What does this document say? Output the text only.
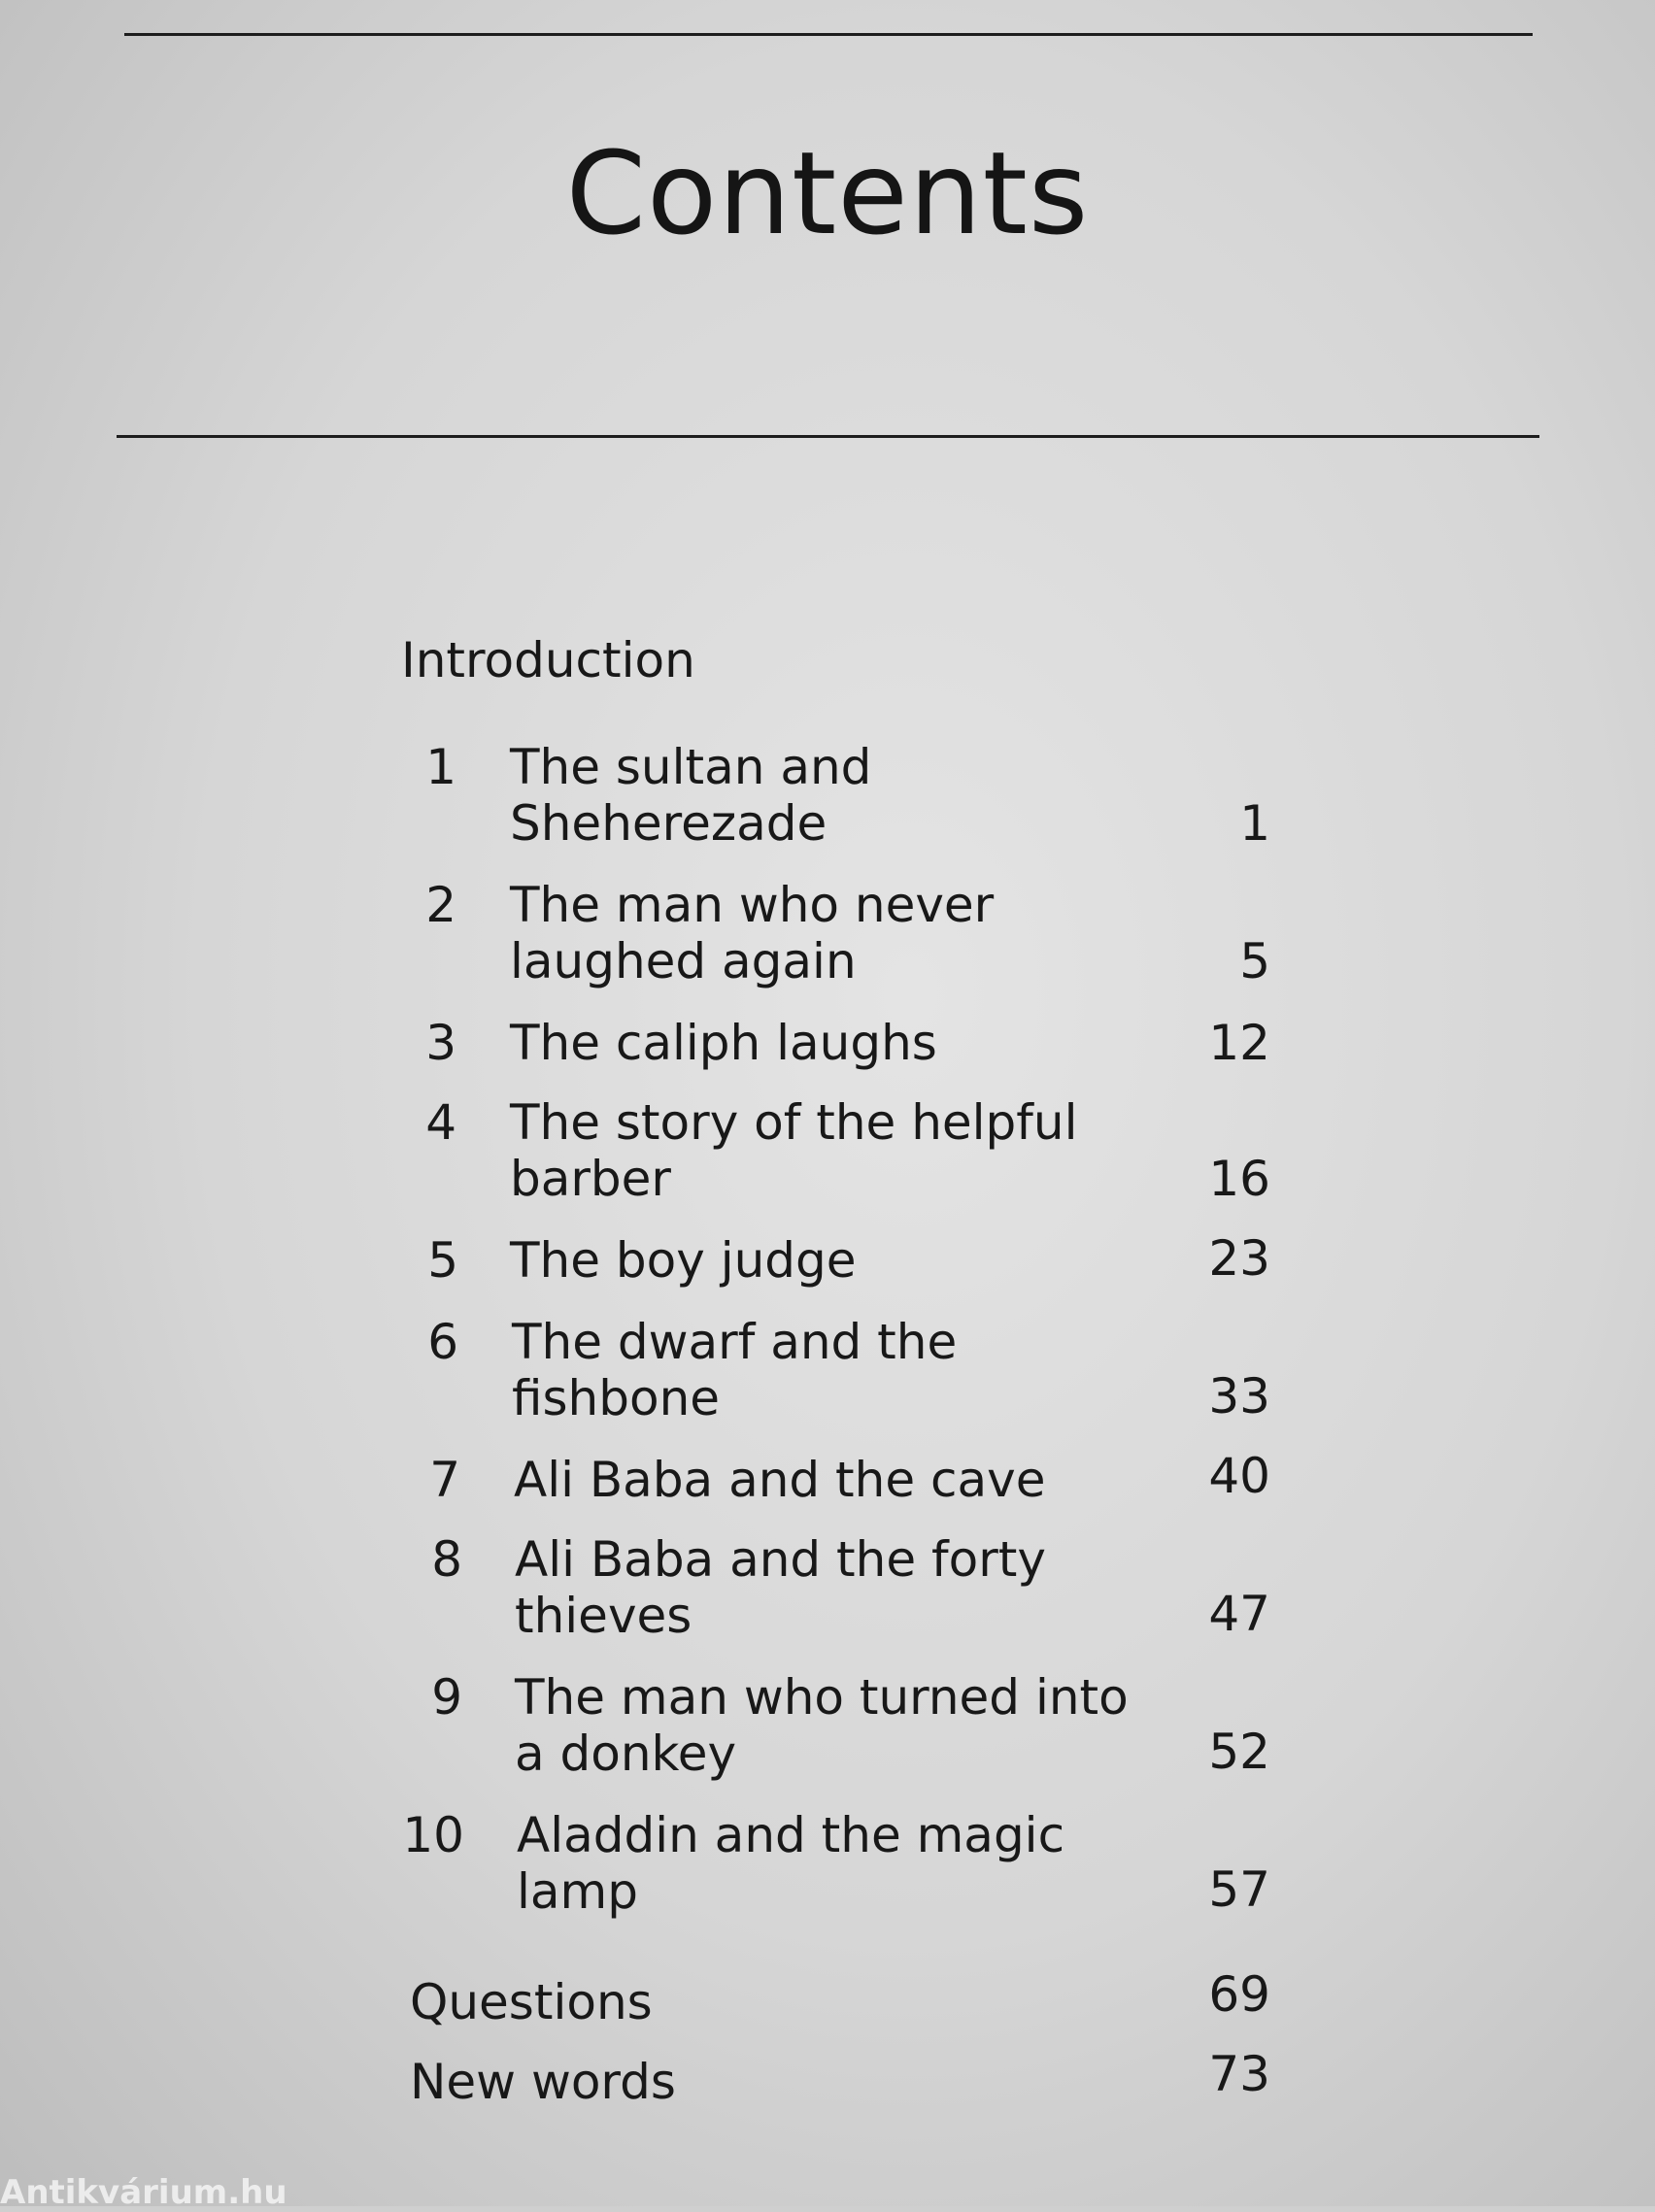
Contents
Introduction
1 The sultan and
Sheherezade	1
2 The man who never
laughed again	5
3 The caliph laughs	12
4 The story of the helpful
barber	16
5 The boy judge	23
6 The dwarf and the
fishbone	33
7 Ali Baba and the cave	40
8 Ali Baba and the forty
thieves	47
9 The man who turned into
a donkey	52
10 Aladdin and the magic
lamp	57
Questions	69
New words	73
Antikvárium.hu
